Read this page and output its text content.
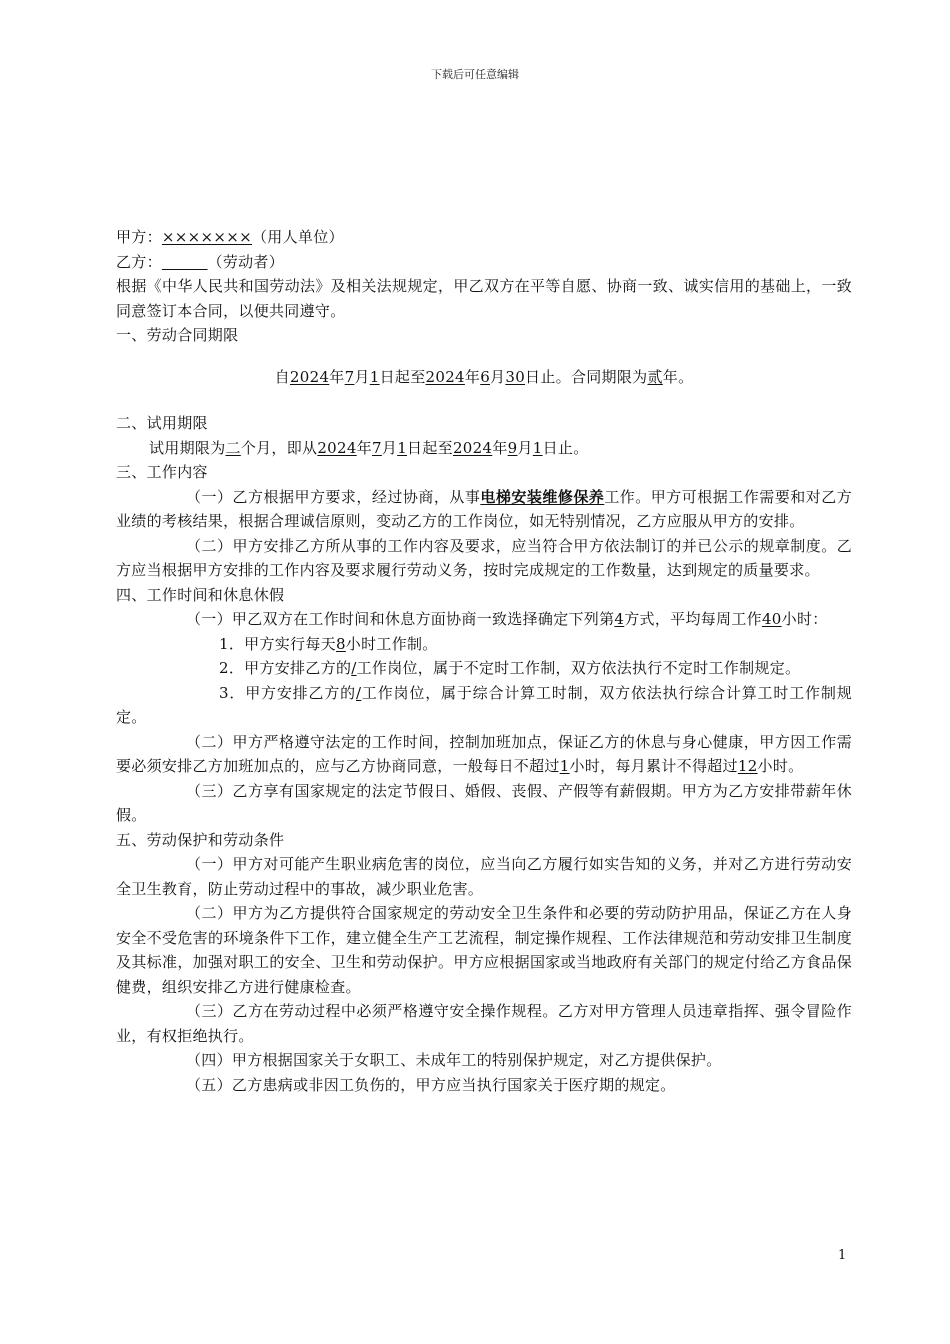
下载后可任意编辑

甲方：×××××××（用人单位）

乙方：	（劳动者）

根据《中华人民共和国劳动法》及相关法规规定，甲乙双方在平等自愿、协商一致、诚实信用的基础上，一致同意签订本合同，以便共同遵守。

一、劳动合同期限

自2024年7月1日起至2024年6月30日止。合同期限为贰年。

二、试用期限

试用期限为二个月，即从2024年7月1日起至2024年9月1日止。

三、工作内容

（一）乙方根据甲方要求，经过协商，从事电梯安装维修保养工作。甲方可根据工作需要和对乙方业绩的考核结果，根据合理诚信原则，变动乙方的工作岗位，如无特别情况，乙方应服从甲方的安排。

（二）甲方安排乙方所从事的工作内容及要求，应当符合甲方依法制订的并已公示的规章制度。乙方应当根据甲方安排的工作内容及要求履行劳动义务，按时完成规定的工作数量，达到规定的质量要求。

四、工作时间和休息休假

（一）甲乙双方在工作时间和休息方面协商一致选择确定下列第4方式，平均每周工作40小时：

1．甲方实行每天8小时工作制。

2．甲方安排乙方的/工作岗位，属于不定时工作制，双方依法执行不定时工作制规定。

3．甲方安排乙方的/工作岗位，属于综合计算工时制，双方依法执行综合计算工时工作制规定。

（二）甲方严格遵守法定的工作时间，控制加班加点，保证乙方的休息与身心健康，甲方因工作需要必须安排乙方加班加点的，应与乙方协商同意，一般每日不超过1小时，每月累计不得超过12小时。

（三）乙方享有国家规定的法定节假日、婚假、丧假、产假等有薪假期。甲方为乙方安排带薪年休假。

五、劳动保护和劳动条件

（一）甲方对可能产生职业病危害的岗位，应当向乙方履行如实告知的义务，并对乙方进行劳动安全卫生教育，防止劳动过程中的事故，减少职业危害。

（二）甲方为乙方提供符合国家规定的劳动安全卫生条件和必要的劳动防护用品，保证乙方在人身安全不受危害的环境条件下工作，建立健全生产工艺流程，制定操作规程、工作法律规范和劳动安排卫生制度及其标准，加强对职工的安全、卫生和劳动保护。甲方应根据国家或当地政府有关部门的规定付给乙方食品保健费，组织安排乙方进行健康检查。

（三）乙方在劳动过程中必须严格遵守安全操作规程。乙方对甲方管理人员违章指挥、强令冒险作业，有权拒绝执行。

（四）甲方根据国家关于女职工、未成年工的特别保护规定，对乙方提供保护。

（五）乙方患病或非因工负伤的，甲方应当执行国家关于医疗期的规定。

1
